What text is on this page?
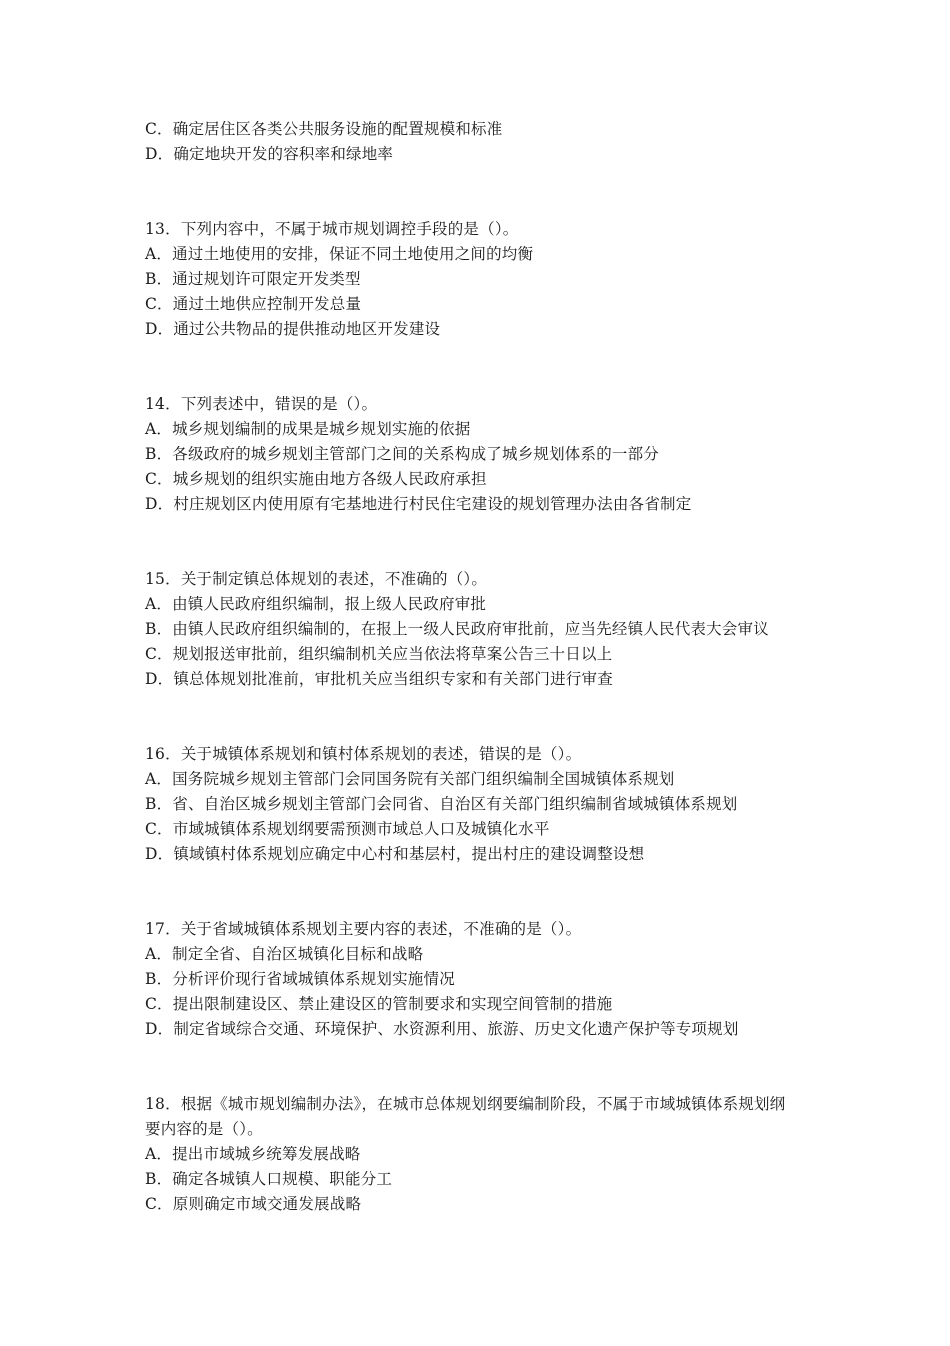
C．确定居住区各类公共服务设施的配置规模和标准
D．确定地块开发的容积率和绿地率
13．下列内容中，不属于城市规划调控手段的是（）。
A．通过土地使用的安排，保证不同土地使用之间的均衡
B．通过规划许可限定开发类型
C．通过土地供应控制开发总量
D．通过公共物品的提供推动地区开发建设
14．下列表述中，错误的是（）。
A．城乡规划编制的成果是城乡规划实施的依据
B．各级政府的城乡规划主管部门之间的关系构成了城乡规划体系的一部分
C．城乡规划的组织实施由地方各级人民政府承担
D．村庄规划区内使用原有宅基地进行村民住宅建设的规划管理办法由各省制定
15．关于制定镇总体规划的表述，不准确的（）。
A．由镇人民政府组织编制，报上级人民政府审批
B．由镇人民政府组织编制的，在报上一级人民政府审批前，应当先经镇人民代表大会审议
C．规划报送审批前，组织编制机关应当依法将草案公告三十日以上
D．镇总体规划批准前，审批机关应当组织专家和有关部门进行审查
16．关于城镇体系规划和镇村体系规划的表述，错误的是（）。
A．国务院城乡规划主管部门会同国务院有关部门组织编制全国城镇体系规划
B．省、自治区城乡规划主管部门会同省、自治区有关部门组织编制省域城镇体系规划
C．市域城镇体系规划纲要需预测市域总人口及城镇化水平
D．镇域镇村体系规划应确定中心村和基层村，提出村庄的建设调整设想
17．关于省域城镇体系规划主要内容的表述，不准确的是（）。
A．制定全省、自治区城镇化目标和战略
B．分析评价现行省域城镇体系规划实施情况
C．提出限制建设区、禁止建设区的管制要求和实现空间管制的措施
D．制定省域综合交通、环境保护、水资源利用、旅游、历史文化遗产保护等专项规划
18．根据《城市规划编制办法》，在城市总体规划纲要编制阶段，不属于市域城镇体系规划纲
要内容的是（）。
A．提出市域城乡统筹发展战略
B．确定各城镇人口规模、职能分工
C．原则确定市域交通发展战略
